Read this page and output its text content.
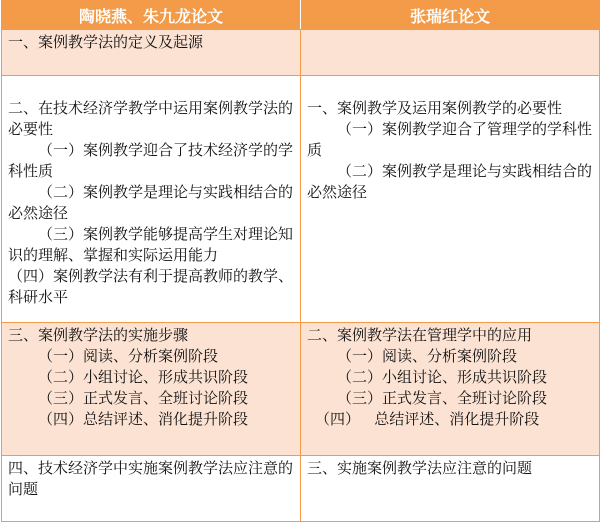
陶晓燕、朱九龙论文	张瑞红论文

一、案例教学法的定义及起源	

二、在技术经济学教学中运用案例教学法的必要性
（一）案例教学迎合了技术经济学的学科性质
（二）案例教学是理论与实践相结合的必然途径
（三）案例教学能够提高学生对理论知识的理解、掌握和实际运用能力
（四）案例教学法有利于提高教师的教学、科研水平	一、案例教学及运用案例教学的必要性
（一）案例教学迎合了管理学的学科性质
（二）案例教学是理论与实践相结合的必然途径

三、案例教学法的实施步骤
（一）阅读、分析案例阶段
（二）小组讨论、形成共识阶段
（三）正式发言、全班讨论阶段
（四）总结评述、消化提升阶段	二、案例教学法在管理学中的应用
（一）阅读、分析案例阶段
（二）小组讨论、形成共识阶段
（三）正式发言、全班讨论阶段
（四）   总结评述、消化提升阶段

四、技术经济学中实施案例教学法应注意的问题	三、实施案例教学法应注意的问题
